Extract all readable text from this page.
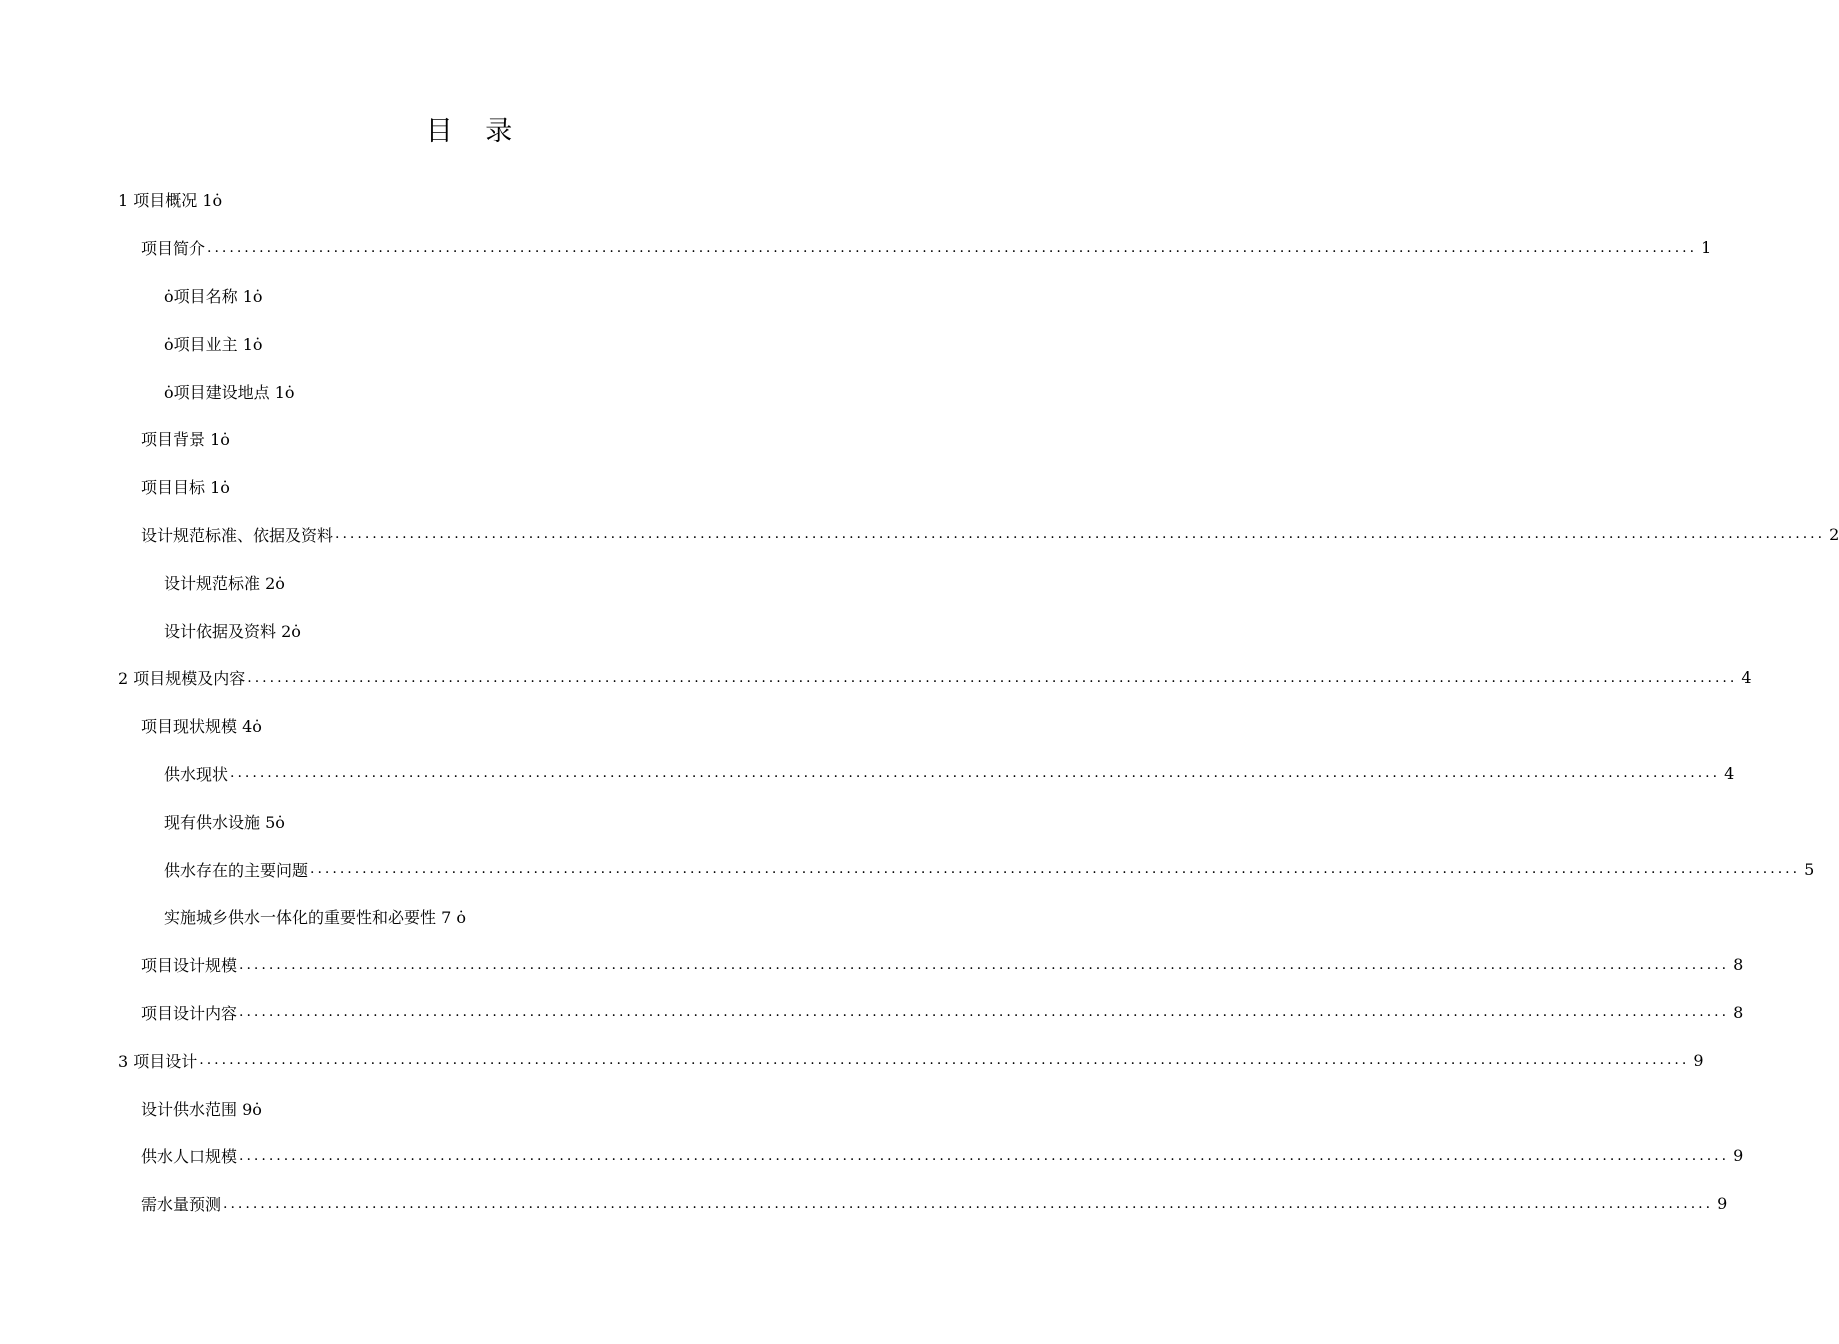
目 录
1 项目概况 1ȯ
项目简介 ........................................................................................................................................................................................................ 1
ȯ项目名称 1ȯ
ȯ项目业主 1ȯ
ȯ项目建设地点 1ȯ
项目背景 1ȯ
项目目标 1ȯ
设计规范标准、依据及资料 ........................................................................................................................................................................................................ 2
设计规范标准 2ȯ
设计依据及资料 2ȯ
2 项目规模及内容 ........................................................................................................................................................................................................ 4
项目现状规模 4ȯ
供水现状 ........................................................................................................................................................................................................ 4
现有供水设施 5ȯ
供水存在的主要问题 ........................................................................................................................................................................................................ 5
实施城乡供水一体化的重要性和必要性 7 ȯ
项目设计规模 ........................................................................................................................................................................................................ 8
项目设计内容 ........................................................................................................................................................................................................ 8
3 项目设计 ........................................................................................................................................................................................................ 9
设计供水范围 9ȯ
供水人口规模 ........................................................................................................................................................................................................ 9
需水量预测 ........................................................................................................................................................................................................ 9
